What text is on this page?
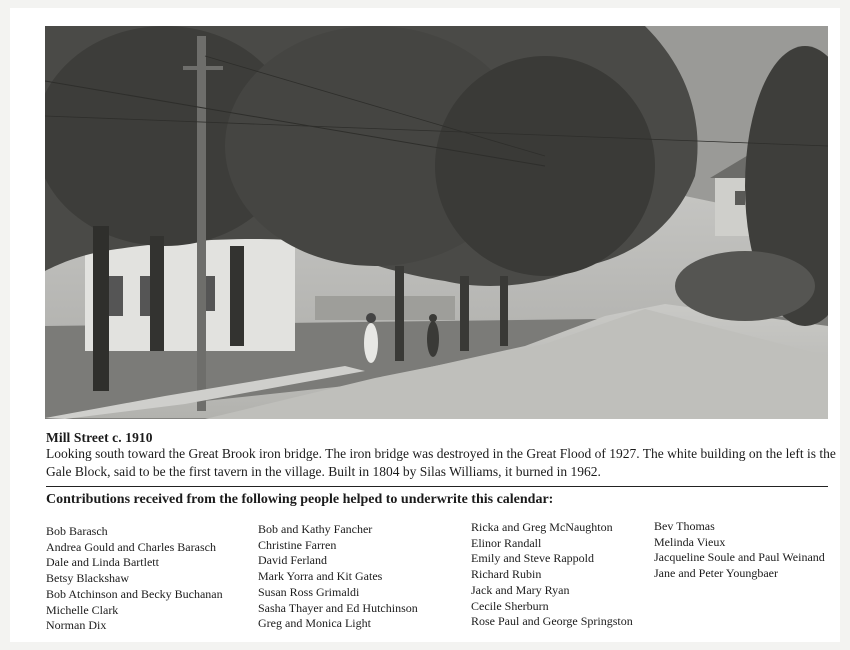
Mill Street c. 1910
Looking south toward the Great Brook iron bridge. The iron bridge was destroyed in the Great Flood of 1927. The white building on the left is the Gale Block, said to be the first tavern in the village. Built in 1804 by Silas Williams, it burned in 1962.
Contributions received from the following people helped to underwrite this calendar:
Bob Barasch
Andrea Gould and Charles Barasch
Dale and Linda Bartlett
Betsy Blackshaw
Bob Atchinson and Becky Buchanan
Michelle Clark
Norman Dix
Bob and Kathy Fancher
Christine Farren
David Ferland
Mark Yorra and Kit Gates
Susan Ross Grimaldi
Sasha Thayer and Ed Hutchinson
Greg and Monica Light
Ricka and Greg McNaughton
Elinor Randall
Emily and Steve Rappold
Richard Rubin
Jack and Mary Ryan
Cecile Sherburn
Rose Paul and George Springston
Bev Thomas
Melinda Vieux
Jacqueline Soule and Paul Weinand
Jane and Peter Youngbaer
